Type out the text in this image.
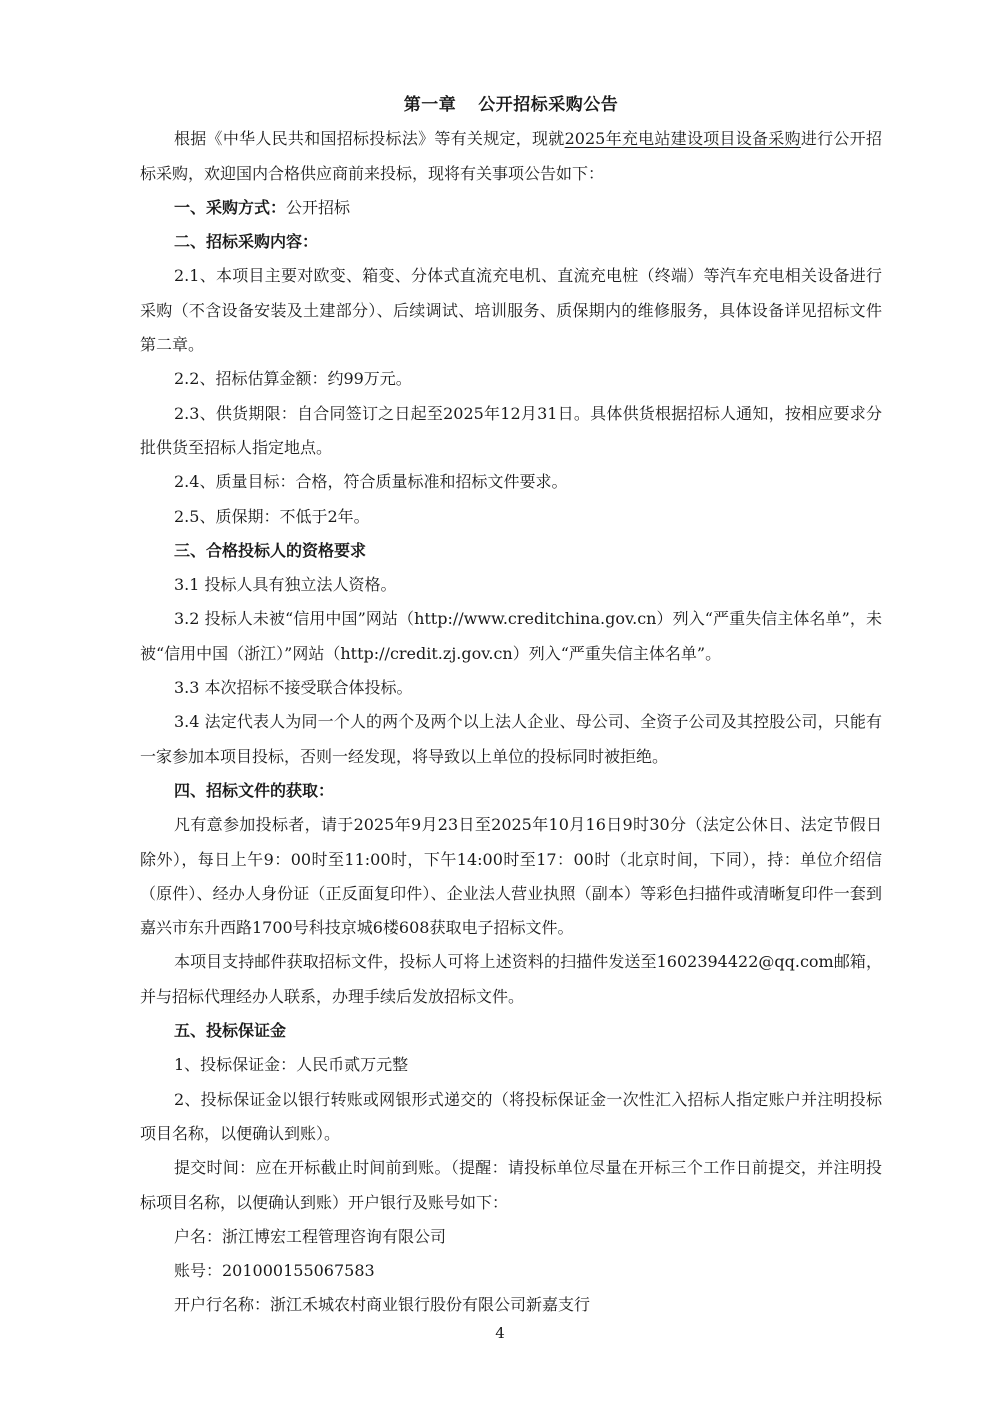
第一章 公开招标采购公告

根据《中华人民共和国招标投标法》等有关规定，现就2025年充电站建设项目设备采购进行公开招标采购，欢迎国内合格供应商前来投标，现将有关事项公告如下：

一、采购方式：公开招标

二、招标采购内容：

2.1、本项目主要对欧变、箱变、分体式直流充电机、直流充电桩（终端）等汽车充电相关设备进行采购（不含设备安装及土建部分）、后续调试、培训服务、质保期内的维修服务，具体设备详见招标文件第二章。

2.2、招标估算金额：约99万元。

2.3、供货期限：自合同签订之日起至2025年12月31日。具体供货根据招标人通知，按相应要求分批供货至招标人指定地点。

2.4、质量目标：合格，符合质量标准和招标文件要求。

2.5、质保期：不低于2年。

三、合格投标人的资格要求

3.1 投标人具有独立法人资格。

3.2 投标人未被“信用中国”网站（http://www.creditchina.gov.cn）列入“严重失信主体名单”，未被“信用中国（浙江）”网站（http://credit.zj.gov.cn）列入“严重失信主体名单”。

3.3 本次招标不接受联合体投标。

3.4 法定代表人为同一个人的两个及两个以上法人企业、母公司、全资子公司及其控股公司，只能有一家参加本项目投标，否则一经发现，将导致以上单位的投标同时被拒绝。

四、招标文件的获取：

凡有意参加投标者，请于2025年9月23日至2025年10月16日9时30分（法定公休日、法定节假日除外），每日上午9：00时至11:00时，下午14:00时至17：00时（北京时间，下同），持：单位介绍信（原件）、经办人身份证（正反面复印件）、企业法人营业执照（副本）等彩色扫描件或清晰复印件一套到嘉兴市东升西路1700号科技京城6楼608获取电子招标文件。

本项目支持邮件获取招标文件，投标人可将上述资料的扫描件发送至1602394422@qq.com邮箱，并与招标代理经办人联系，办理手续后发放招标文件。

五、投标保证金

1、投标保证金：人民币贰万元整

2、投标保证金以银行转账或网银形式递交的（将投标保证金一次性汇入招标人指定账户并注明投标项目名称，以便确认到账）。

提交时间：应在开标截止时间前到账。（提醒：请投标单位尽量在开标三个工作日前提交，并注明投标项目名称，以便确认到账）开户银行及账号如下：

户名：浙江博宏工程管理咨询有限公司

账号：201000155067583

开户行名称：浙江禾城农村商业银行股份有限公司新嘉支行

4
